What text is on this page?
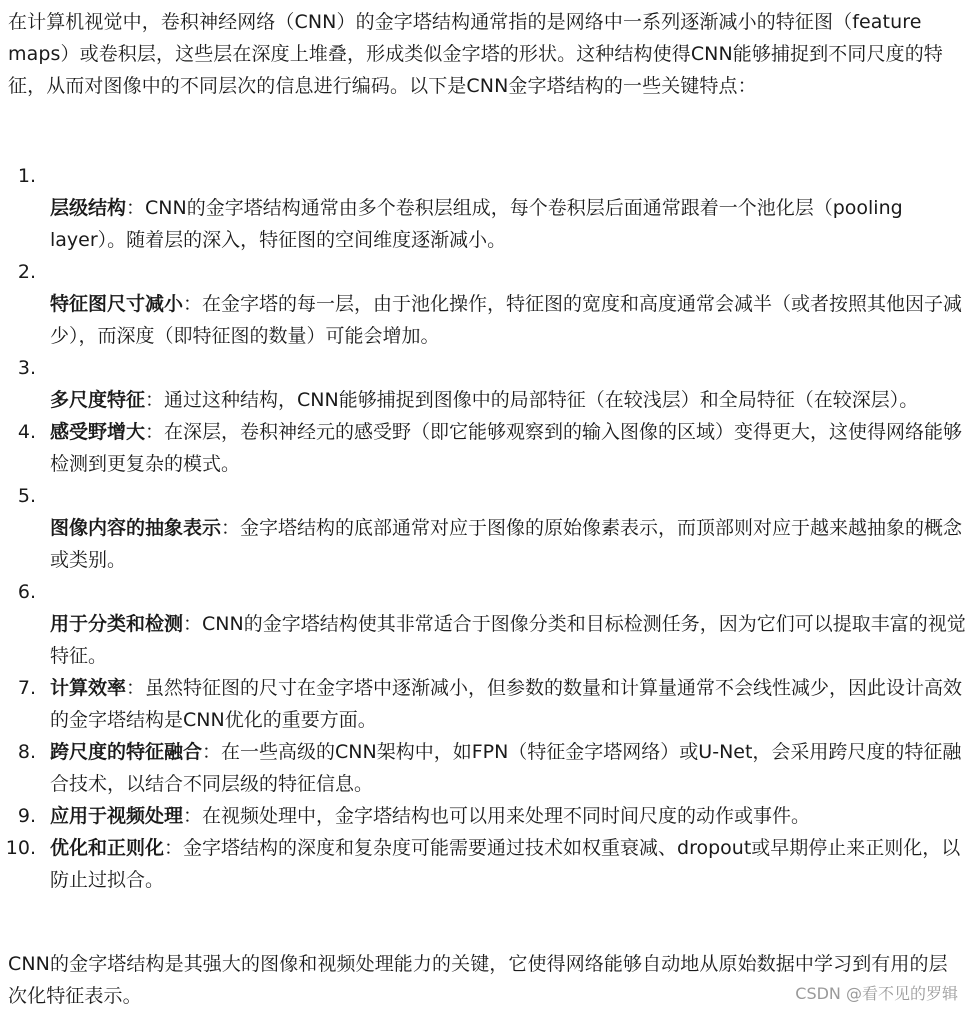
在计算机视觉中，卷积神经网络（CNN）的金字塔结构通常指的是网络中一系列逐渐减小的特征图（feature maps）或卷积层，这些层在深度上堆叠，形成类似金字塔的形状。这种结构使得CNN能够捕捉到不同尺度的特征，从而对图像中的不同层次的信息进行编码。以下是CNN金字塔结构的一些关键特点：

1.
层级结构：CNN的金字塔结构通常由多个卷积层组成，每个卷积层后面通常跟着一个池化层（pooling layer）。随着层的深入，特征图的空间维度逐渐减小。
2.
特征图尺寸减小：在金字塔的每一层，由于池化操作，特征图的宽度和高度通常会减半（或者按照其他因子减少），而深度（即特征图的数量）可能会增加。
3.
多尺度特征：通过这种结构，CNN能够捕捉到图像中的局部特征（在较浅层）和全局特征（在较深层）。
4. 感受野增大：在深层，卷积神经元的感受野（即它能够观察到的输入图像的区域）变得更大，这使得网络能够检测到更复杂的模式。
5.
图像内容的抽象表示：金字塔结构的底部通常对应于图像的原始像素表示，而顶部则对应于越来越抽象的概念或类别。
6.
用于分类和检测：CNN的金字塔结构使其非常适合于图像分类和目标检测任务，因为它们可以提取丰富的视觉特征。
7. 计算效率：虽然特征图的尺寸在金字塔中逐渐减小，但参数的数量和计算量通常不会线性减少，因此设计高效的金字塔结构是CNN优化的重要方面。
8. 跨尺度的特征融合：在一些高级的CNN架构中，如FPN（特征金字塔网络）或U-Net，会采用跨尺度的特征融合技术，以结合不同层级的特征信息。
9. 应用于视频处理：在视频处理中，金字塔结构也可以用来处理不同时间尺度的动作或事件。
10. 优化和正则化：金字塔结构的深度和复杂度可能需要通过技术如权重衰减、dropout或早期停止来正则化，以防止过拟合。

CNN的金字塔结构是其强大的图像和视频处理能力的关键，它使得网络能够自动地从原始数据中学习到有用的层次化特征表示。	CSDN @看不见的罗辑
